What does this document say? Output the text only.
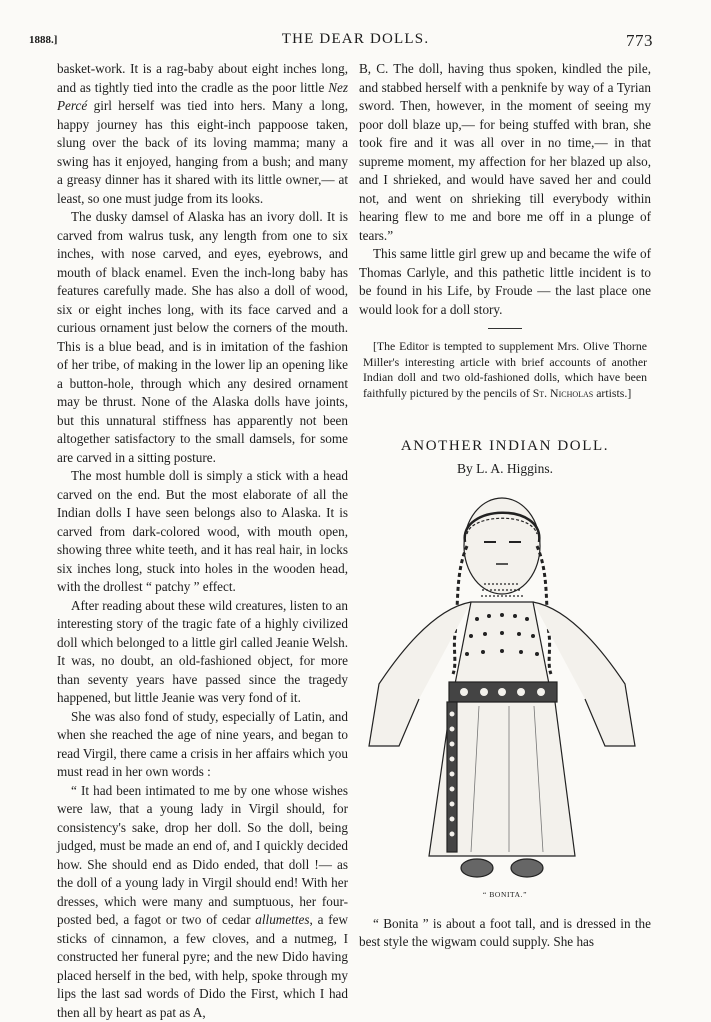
1888.]	THE DEAR DOLLS.	773

basket-work. It is a rag-baby about eight inches long, and as tightly tied into the cradle as the poor little Nez Percé girl herself was tied into hers. Many a long, happy journey has this eight-inch pappoose taken, slung over the back of its loving mamma; many a swing has it enjoyed, hanging from a bush; and many a greasy dinner has it shared with its little owner,— at least, so one must judge from its looks.

The dusky damsel of Alaska has an ivory doll. It is carved from walrus tusk, any length from one to six inches, with nose carved, and eyes, eyebrows, and mouth of black enamel. Even the inch-long baby has features carefully made. She has also a doll of wood, six or eight inches long, with its face carved and a curious ornament just below the corners of the mouth. This is a blue bead, and is in imitation of the fashion of her tribe, of making in the lower lip an opening like a button-hole, through which any desired ornament may be thrust. None of the Alaska dolls have joints, but this unnatural stiffness has apparently not been altogether satisfactory to the small damsels, for some are carved in a sitting posture.

The most humble doll is simply a stick with a head carved on the end. But the most elaborate of all the Indian dolls I have seen belongs also to Alaska. It is carved from dark-colored wood, with mouth open, showing three white teeth, and it has real hair, in locks six inches long, stuck into holes in the wooden head, with the drollest “ patchy ” effect.

After reading about these wild creatures, listen to an interesting story of the tragic fate of a highly civilized doll which belonged to a little girl called Jeanie Welsh. It was, no doubt, an old-fashioned object, for more than seventy years have passed since the tragedy happened, but little Jeanie was very fond of it.

She was also fond of study, especially of Latin, and when she reached the age of nine years, and began to read Virgil, there came a crisis in her affairs which you must read in her own words :

“ It had been intimated to me by one whose wishes were law, that a young lady in Virgil should, for consistency's sake, drop her doll. So the doll, being judged, must be made an end of, and I quickly decided how. She should end as Dido ended, that doll !— as the doll of a young lady in Virgil should end! With her dresses, which were many and sumptuous, her four-posted bed, a fagot or two of cedar allumettes, a few sticks of cinnamon, a few cloves, and a nutmeg, I constructed her funeral pyre; and the new Dido having placed herself in the bed, with help, spoke through my lips the last sad words of Dido the First, which I had then all by heart as pat as A,

B, C. The doll, having thus spoken, kindled the pile, and stabbed herself with a penknife by way of a Tyrian sword. Then, however, in the moment of seeing my poor doll blaze up,— for being stuffed with bran, she took fire and it was all over in no time,— in that supreme moment, my affection for her blazed up also, and I shrieked, and would have saved her and could not, and went on shrieking till everybody within hearing flew to me and bore me off in a plunge of tears.”

This same little girl grew up and became the wife of Thomas Carlyle, and this pathetic little incident is to be found in his Life, by Froude — the last place one would look for a doll story.

[The Editor is tempted to supplement Mrs. Olive Thorne Miller's interesting article with brief accounts of another Indian doll and two old-fashioned dolls, which have been faithfully pictured by the pencils of St. Nicholas artists.]

ANOTHER INDIAN DOLL.

By L. A. Higgins.

“ BONITA.”

“ Bonita ” is about a foot tall, and is dressed in the best style the wigwam could supply. She has
